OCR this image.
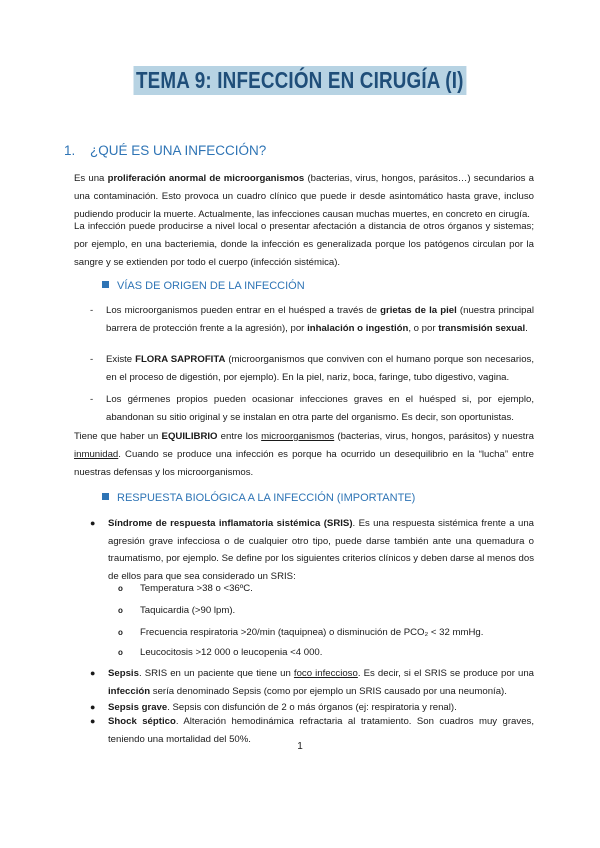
TEMA 9: INFECCIÓN EN CIRUGÍA (I)
1. ¿QUÉ ES UNA INFECCIÓN?
Es una proliferación anormal de microorganismos (bacterias, virus, hongos, parásitos…) secundarios a una contaminación. Esto provoca un cuadro clínico que puede ir desde asintomático hasta grave, incluso pudiendo producir la muerte. Actualmente, las infecciones causan muchas muertes, en concreto en cirugía.
La infección puede producirse a nivel local o presentar afectación a distancia de otros órganos y sistemas; por ejemplo, en una bacteriemia, donde la infección es generalizada porque los patógenos circulan por la sangre y se extienden por todo el cuerpo (infección sistémica).
VÍAS DE ORIGEN DE LA INFECCIÓN
- Los microorganismos pueden entrar en el huésped a través de grietas de la piel (nuestra principal barrera de protección frente a la agresión), por inhalación o ingestión, o por transmisión sexual.
- Existe FLORA SAPROFITA (microorganismos que conviven con el humano porque son necesarios, en el proceso de digestión, por ejemplo). En la piel, nariz, boca, faringe, tubo digestivo, vagina.
- Los gérmenes propios pueden ocasionar infecciones graves en el huésped si, por ejemplo, abandonan su sitio original y se instalan en otra parte del organismo. Es decir, son oportunistas.
Tiene que haber un EQUILIBRIO entre los microorganismos (bacterias, virus, hongos, parásitos) y nuestra inmunidad. Cuando se produce una infección es porque ha ocurrido un desequilibrio en la “lucha” entre nuestras defensas y los microorganismos.
RESPUESTA BIOLÓGICA A LA INFECCIÓN (IMPORTANTE)
● Síndrome de respuesta inflamatoria sistémica (SRIS). Es una respuesta sistémica frente a una agresión grave infecciosa o de cualquier otro tipo, puede darse también ante una quemadura o traumatismo, por ejemplo. Se define por los siguientes criterios clínicos y deben darse al menos dos de ellos para que sea considerado un SRIS:
o Temperatura >38 o <36ºC.
o Taquicardia (>90 lpm).
o Frecuencia respiratoria >20/min (taquipnea) o disminución de PCO₂ < 32 mmHg.
o Leucocitosis >12 000 o leucopenia <4 000.
● Sepsis. SRIS en un paciente que tiene un foco infeccioso. Es decir, si el SRIS se produce por una infección sería denominado Sepsis (como por ejemplo un SRIS causado por una neumonía).
● Sepsis grave. Sepsis con disfunción de 2 o más órganos (ej: respiratoria y renal).
● Shock séptico. Alteración hemodinámica refractaria al tratamiento. Son cuadros muy graves, teniendo una mortalidad del 50%.
1
